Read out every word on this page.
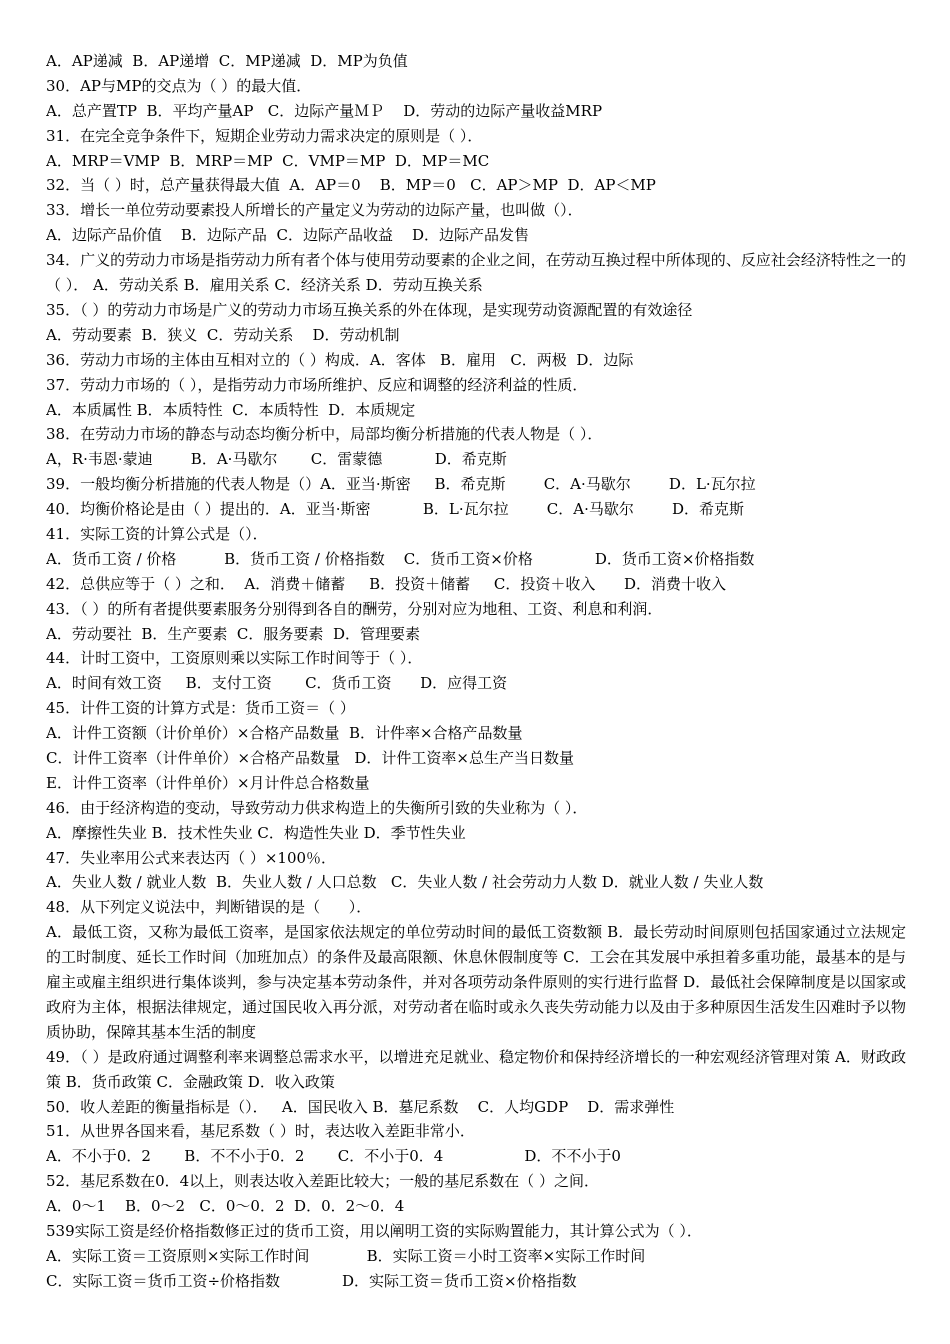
A．AP递减  B．AP递增  C．MP递减  D．MP为负值
30．AP与MP的交点为（ ）的最大值．
A．总产置TP  B．平均产量AP   C．边际产量ＭＰ    D．劳动的边际产量收益MRP
31．在完全竞争条件下，短期企业劳动力需求决定的原则是（ ）．
A．MRP＝VMP  B．MRP＝MP  C．VMP＝MP  D．MP＝MC
32．当（ ）时，总产量获得最大值  A．AP＝0    B．MP＝0   C．AP＞MP  D．AP＜MP
33．增长一单位劳动要素投人所增长的产量定义为劳动的边际产量，也叫做（）．
A．边际产品价值    B．边际产品  C．边际产品收益    D．边际产品发售
34．广义的劳动力市场是指劳动力所有者个体与使用劳动要素的企业之间，在劳动互换过程中所体现的、反应社会经济特性之一的（ ）． A．劳动关系 B．雇用关系 C．经济关系 D．劳动互换关系
35．（ ）的劳动力市场是广义的劳动力市场互换关系的外在体现，是实现劳动资源配置的有效途径
A．劳动要素  B．狭义  C．劳动关系    D．劳动机制
36．劳动力市场的主体由互相对立的（ ）构成．A．客体   B．雇用   C．两极  D．边际
37．劳动力市场的（ ），是指劳动力市场所维护、反应和调整的经济利益的性质．
A．本质属性 B．本质特性  C．本质特性  D．本质规定
38．在劳动力市场的静态与动态均衡分析中，局部均衡分析措施的代表人物是（ ）．
A，R·韦恩·蒙迪        B．A·马歇尔       C．雷蒙德           D．希克斯
39．一般均衡分析措施的代表人物是（）A．亚当·斯密     B．希克斯        C．A·马歇尔        D．L·瓦尔拉
40．均衡价格论是由（ ）提出的．A．亚当·斯密           B．L·瓦尔拉        C．A·马歇尔        D．希克斯
41．实际工资的计算公式是（）．
A．货币工资 / 价格          B．货币工资 / 价格指数    C．货币工资×价格             D．货币工资×价格指数
42．总供应等于（ ）之和．  A．消费＋储蓄     B．投资＋储蓄     C．投资＋收入      D．消费十收入
43．（ ）的所有者提供要素服务分别得到各自的酬劳，分别对应为地租、工资、利息和利润．
A．劳动要社  B．生产要素  C．服务要素  D．管理要素
44．计时工资中，工资原则乘以实际工作时间等于（ ）．
A．时间有效工资     B．支付工资       C．货币工资      D．应得工资
45．计件工资的计算方式是：货币工资＝（ ）
A．计件工资额（计价单价）×合格产品数量  B．计件率×合格产品数量
C．计件工资率（计件单价）×合格产品数量   D．计件工资率×总生产当日数量
E．计件工资率（计件单价）×月计件总合格数量
46．由于经济构造的变动，导致劳动力供求构造上的失衡所引致的失业称为（ ）．
A．摩擦性失业 B．技术性失业 C．构造性失业 D．季节性失业
47．失业率用公式来表达丙（ ）×100％．
A．失业人数 / 就业人数  B．失业人数 / 人口总数   C．失业人数 / 社会劳动力人数 D．就业人数 / 失业人数
48．从下列定义说法中，判断错误的是（      ）．
A．最低工资，又称为最低工资率，是国家依法规定的单位劳动时间的最低工资数额 B．最长劳动时间原则包括国家通过立法规定的工时制度、延长工作时间（加班加点）的条件及最高限额、休息休假制度等 C．工会在其发展中承担着多重功能，最基本的是与雇主或雇主组织进行集体谈判，参与决定基本劳动条件，并对各项劳动条件原则的实行进行监督 D．最低社会保障制度是以国家或政府为主体，根据法律规定，通过国民收入再分派，对劳动者在临时或永久丧失劳动能力以及由于多种原因生活发生囚难时予以物质协助，保障其基本生活的制度
49．（ ）是政府通过调整利率来调整总需求水平，以增进充足就业、稳定物价和保持经济增长的一种宏观经济管理对策 A．财政政策 B．货币政策 C．金融政策 D．收入政策
50．收人差距的衡量指标是（）．   A．国民收入 B．墓尼系数    C．人均GDP    D．需求弹性
51．从世界各国来看，基尼系数（ ）时，表达收入差距非常小．
A．不小于0．2       B．不不小于0．2       C．不小于0．4                 D．不不小于0
52．基尼系数在0．4以上，则表达收入差距比较大；一般的基尼系数在（ ）之间．
A．0～1    B．0～2   C．0～0．2  D．0．2～0．4
539实际工资是经价格指数修正过的货币工资，用以阐明工资的实际购置能力，其计算公式为（ ）．
A．实际工资＝工资原则×实际工作时间            B．实际工资＝小时工资率×实际工作时间
C．实际工资＝货币工资÷价格指数             D．实际工资＝货币工资×价格指数
